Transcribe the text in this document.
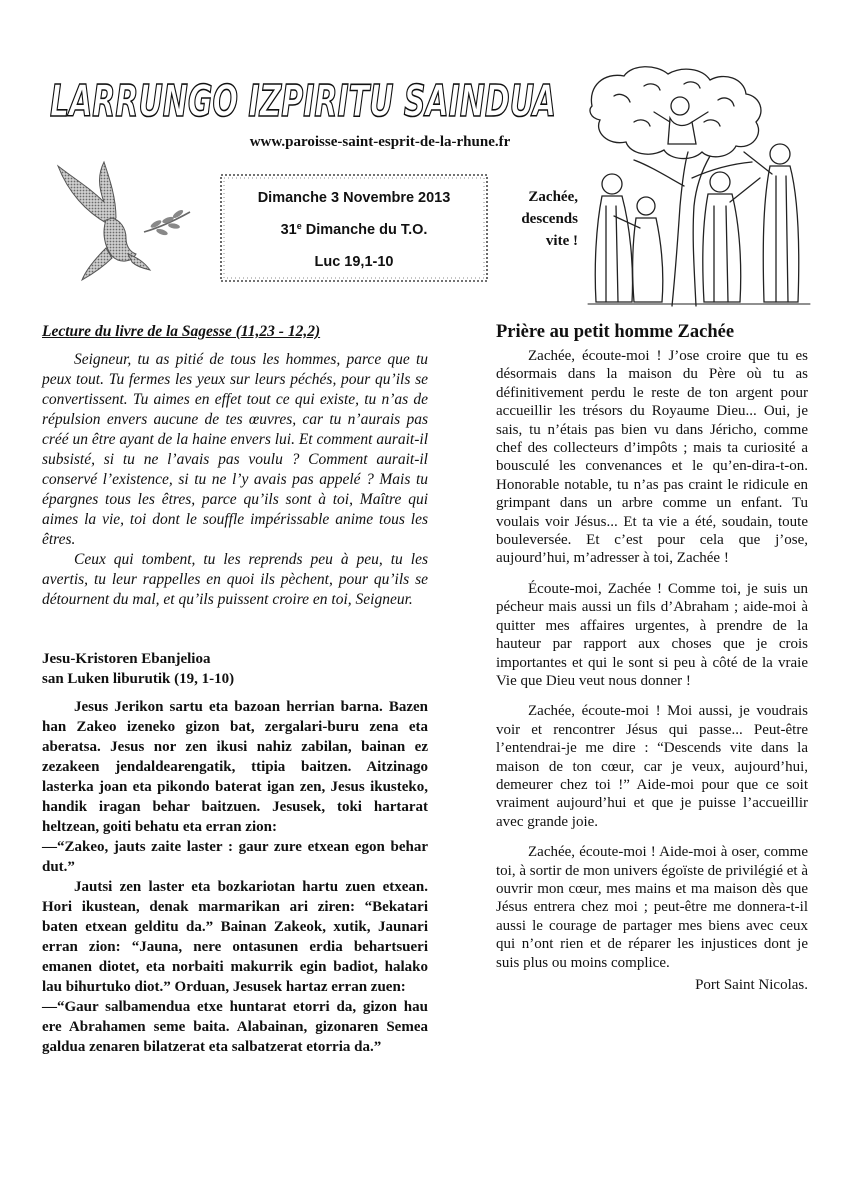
LARRUNGO IZPIRITU SAINDUA
www.paroisse-saint-esprit-de-la-rhune.fr
Dimanche 3 Novembre 2013
31e Dimanche du T.O.
Luc 19,1-10
Zachée,
descends
vite !

Lecture du livre de la Sagesse (11,23 - 12,2)

Seigneur, tu as pitié de tous les hommes, parce que tu peux tout. Tu fermes les yeux sur leurs péchés, pour qu’ils se convertissent. Tu aimes en effet tout ce qui existe, tu n’as de répulsion envers aucune de tes œuvres, car tu n’aurais pas créé un être ayant de la haine envers lui. Et comment aurait-il subsisté, si tu ne l’avais pas voulu ? Comment aurait-il conservé l’existence, si tu ne l’y avais pas appelé ? Mais tu épargnes tous les êtres, parce qu’ils sont à toi, Maître qui aimes la vie, toi dont le souffle impérissable anime tous les êtres.

Ceux qui tombent, tu les reprends peu à peu, tu les avertis, tu leur rappelles en quoi ils pèchent, pour qu’ils se détournent du mal, et qu’ils puissent croire en toi, Seigneur.

Jesu-Kristoren Ebanjelioa
san Luken liburutik (19, 1-10)

Jesus Jerikon sartu eta bazoan herrian barna. Bazen han Zakeo izeneko gizon bat, zergalari-buru zena eta aberatsa. Jesus nor zen ikusi nahiz zabilan, bainan ez zezakeen jendaldearengatik, ttipia baitzen. Aitzinago lasterka joan eta pikondo baterat igan zen, Jesus ikusteko, handik iragan behar baitzuen. Jesusek, toki hartarat heltzean, goiti behatu eta erran zion:

—“Zakeo, jauts zaite laster : gaur zure etxean egon behar dut.”

Jautsi zen laster eta bozkariotan hartu zuen etxean. Hori ikustean, denak marmarikan ari ziren: “Bekatari baten etxean gelditu da.” Bainan Zakeok, xutik, Jaunari erran zion: “Jauna, nere ontasunen erdia behartsueri emanen diotet, eta norbaiti makurrik egin badiot, halako lau bihurtuko diot.” Orduan, Jesusek hartaz erran zuen:

—“Gaur salbamendua etxe huntarat etorri da, gizon hau ere Abrahamen seme baita. Alabainan, gizonaren Semea galdua zenaren bilatzerat eta salbatzerat etorria da.”

Prière au petit homme Zachée

Zachée, écoute-moi ! J’ose croire que tu es désormais dans la maison du Père où tu as définitivement perdu le reste de ton argent pour accueillir les trésors du Royaume Dieu... Oui, je sais, tu n’étais pas bien vu dans Jéricho, comme chef des collecteurs d’impôts ; mais ta curiosité a bousculé les convenances et le qu’en-dira-t-on. Honorable notable, tu n’as pas craint le ridicule en grimpant dans un arbre comme un enfant. Tu voulais voir Jésus... Et ta vie a été, soudain, toute bouleversée. Et c’est pour cela que j’ose, aujourd’hui, m’adresser à toi, Zachée !

Écoute-moi, Zachée ! Comme toi, je suis un pécheur mais aussi un fils d’Abraham ; aide-moi à quitter mes affaires urgentes, à prendre de la hauteur par rapport aux choses que je crois importantes et qui le sont si peu à côté de la vraie Vie que Dieu veut nous donner !

Zachée, écoute-moi ! Moi aussi, je voudrais voir et rencontrer Jésus qui passe... Peut-être l’entendrai-je me dire : “Descends vite dans la maison de ton cœur, car je veux, aujourd’hui, demeurer chez toi !” Aide-moi pour que ce soit vraiment aujourd’hui et que je puisse l’accueillir avec grande joie.

Zachée, écoute-moi ! Aide-moi à oser, comme toi, à sortir de mon univers égoïste de privilégié et à ouvrir mon cœur, mes mains et ma maison dès que Jésus entrera chez moi ; peut-être me donnera-t-il aussi le courage de partager mes biens avec ceux qui n’ont rien et de réparer les injustices dont je suis plus ou moins complice.

Port Saint Nicolas.
